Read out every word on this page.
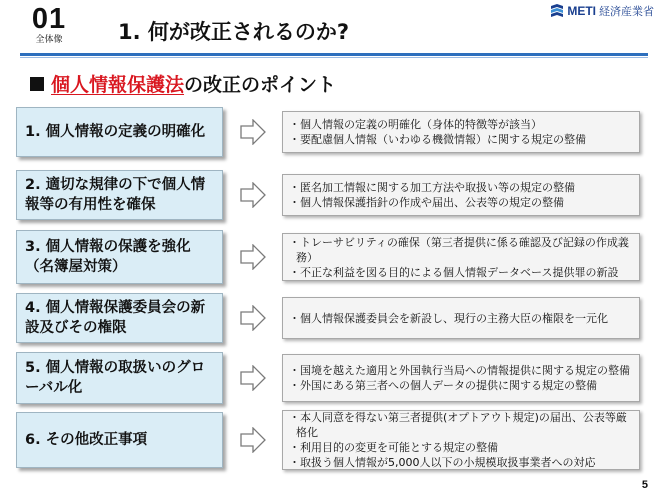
01
全体像	1. 何が改正されるのか?
METI 経済産業省
個人情報保護法 の改正のポイント
1. 個人情報の定義の明確化	・個人情報の定義の明確化（身体的特徴等が該当）
・要配慮個人情報（いわゆる機微情報）に関する規定の整備
2. 適切な規律の下で個人情報等の有用性を確保
・匿名加工情報に関する加工方法や取扱い等の規定の整備
・個人情報保護指針の作成や届出、公表等の規定の整備
3. 個人情報の保護を強化（名簿屋対策）
・トレーサビリティの確保（第三者提供に係る確認及び記録の作成義務）
・不正な利益を図る目的による個人情報データベース提供罪の新設
4. 個人情報保護委員会の新設及びその権限
・個人情報保護委員会を新設し、現行の主務大臣の権限を一元化
5. 個人情報の取扱いのグローバル化
・国境を越えた適用と外国執行当局への情報提供に関する規定の整備
・外国にある第三者への個人データの提供に関する規定の整備
6. その他改正事項
・本人同意を得ない第三者提供(オプトアウト規定)の届出、公表等厳格化
・利用目的の変更を可能とする規定の整備
・取扱う個人情報が5,000人以下の小規模取扱事業者への対応
5
